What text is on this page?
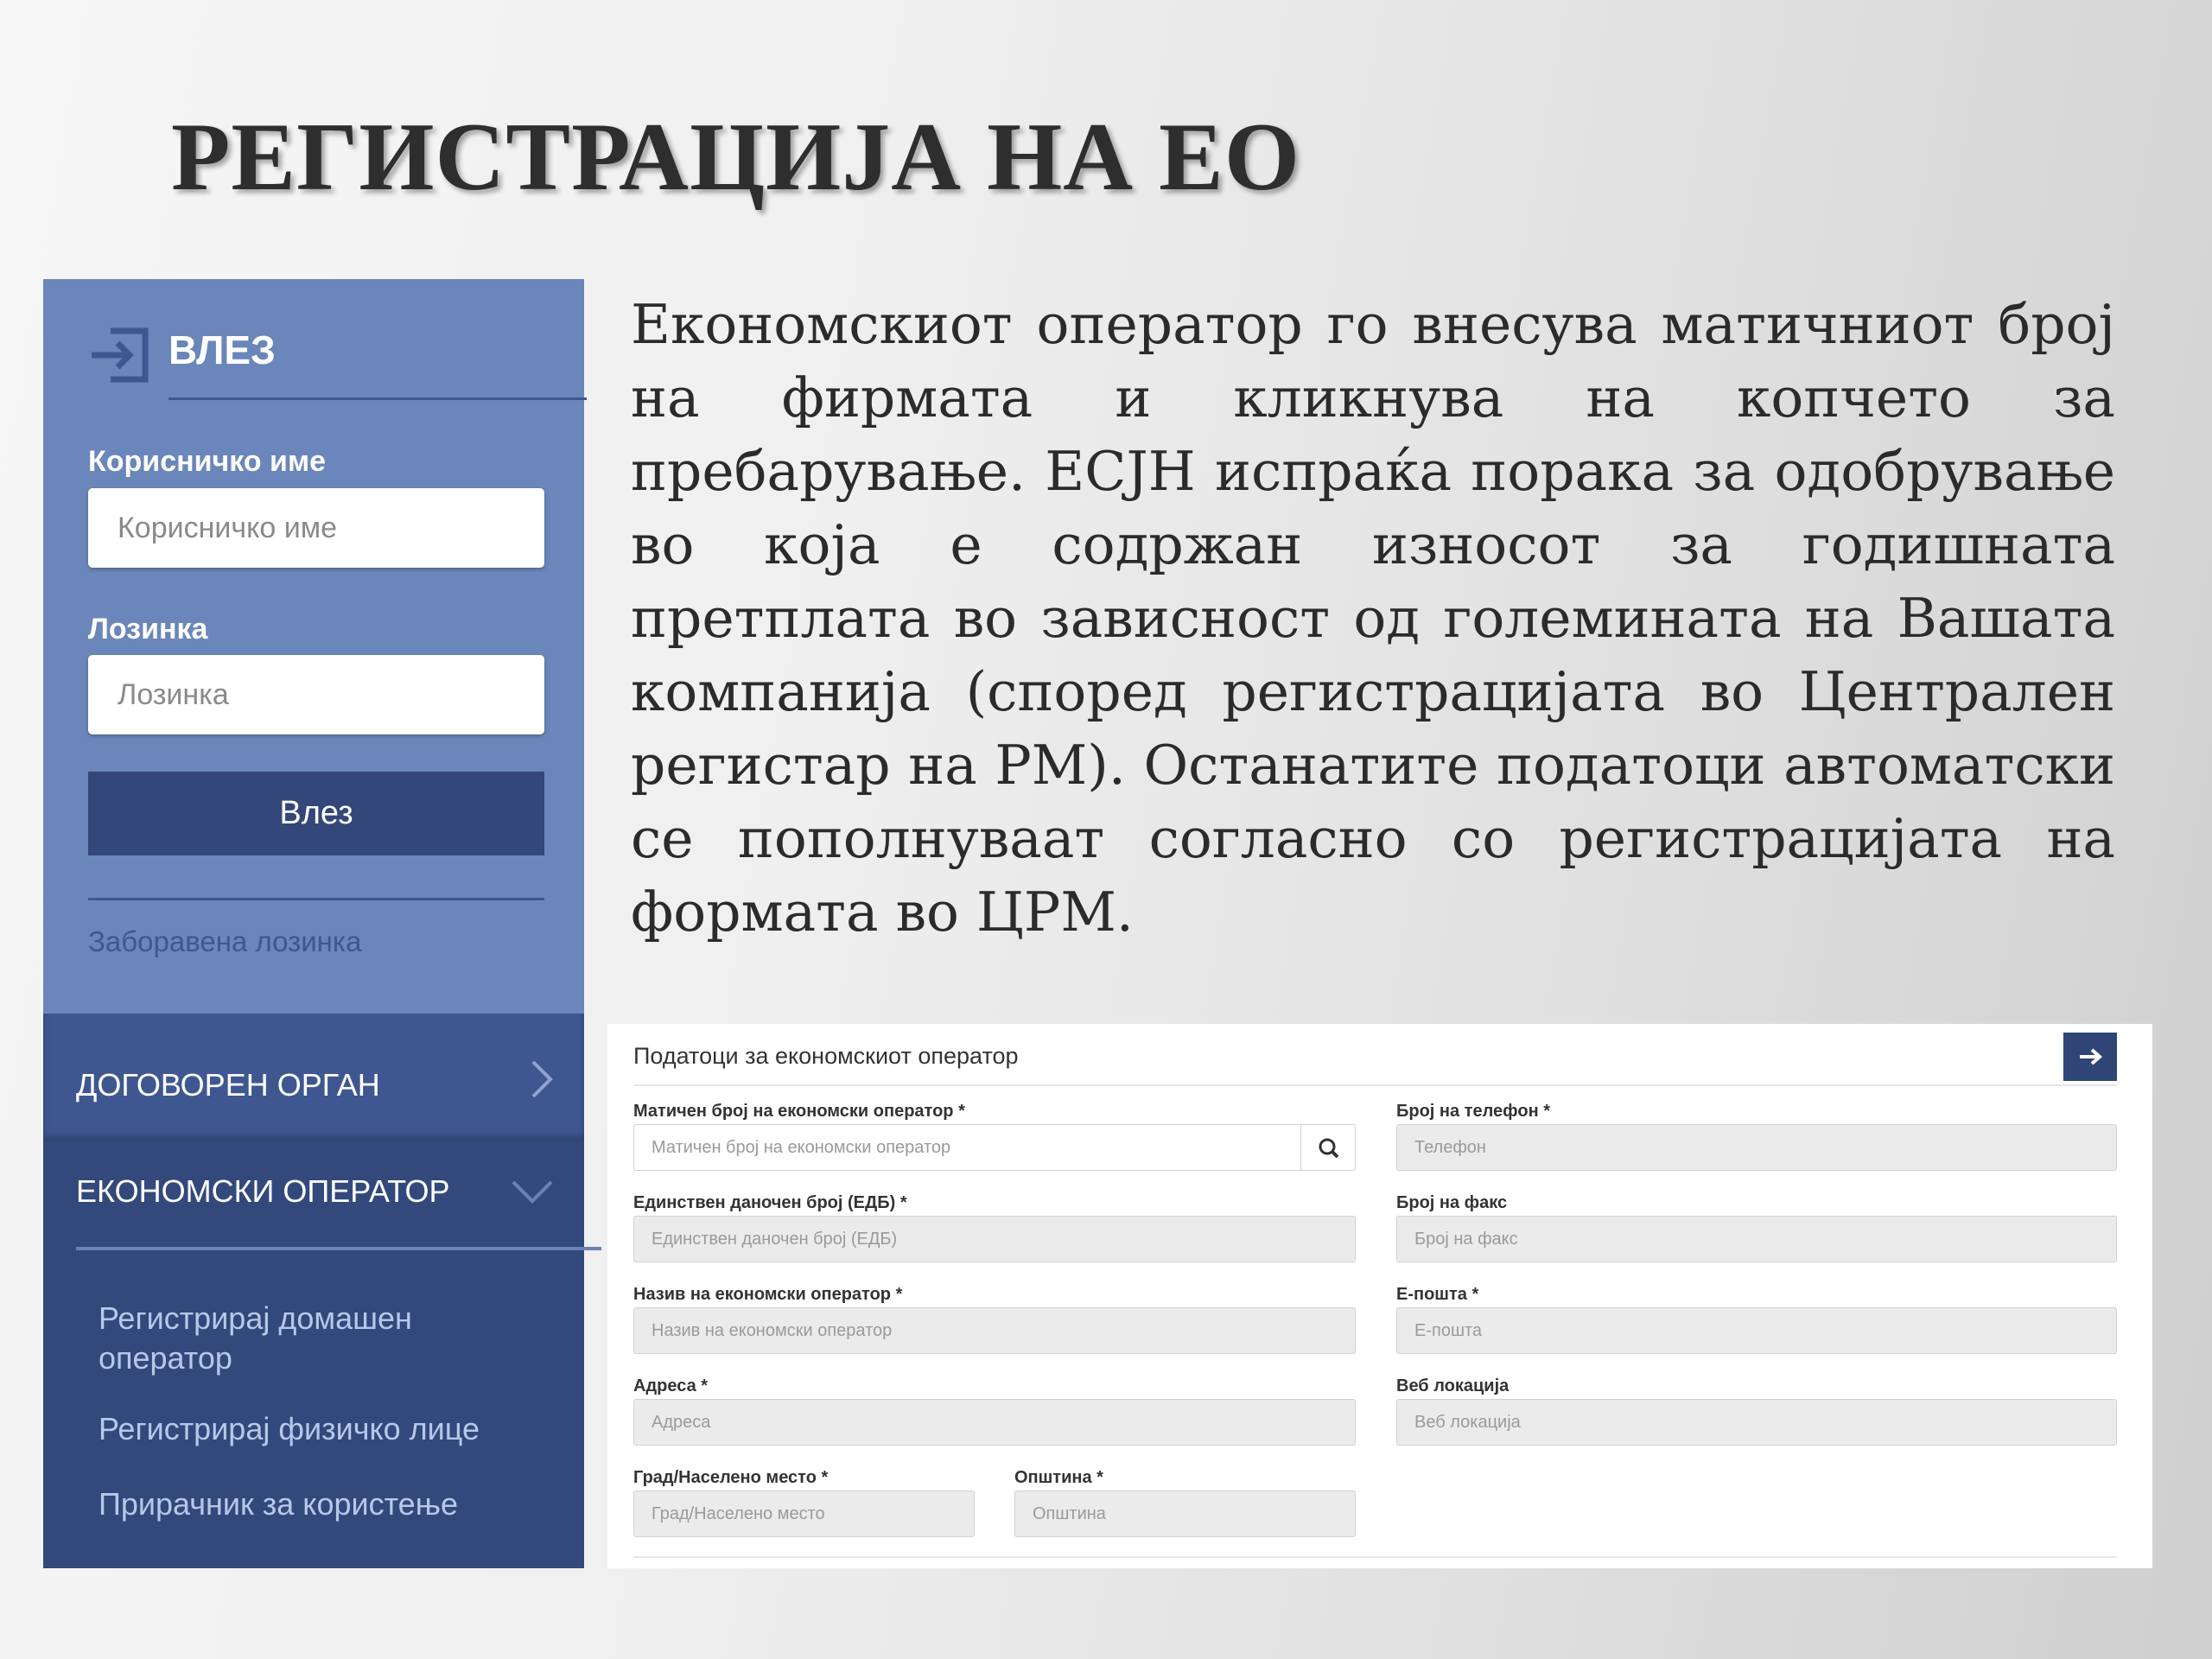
РЕГИСТРАЦИЈА НА ЕО
ВЛЕЗ
Корисничко име
Корисничко име
Лозинка
Влез
Заборавена лозинка
ДОГОВОРЕН ОРГАН
ЕКОНОМСКИ ОПЕРАТОР
Регистрирај домашен оператор
Регистрирај физичко лице
Прирачник за користење

Економскиот оператор го внесува матичниот број на фирмата и кликнува на копчето за пребарување. ЕСЈН испраќа порака за одобрување во која е содржан износот за годишната претплата во зависност од големината на Вашата компанија (според регистрацијата во Централен регистар на РМ). Останатите податоци автоматски се пополнуваат согласно со регистрацијата на формата во ЦРМ.

Податоци за економскиот оператор
Матичен број на економски оператор *
Матичен број на економски оператор
Единствен даночен број (ЕДБ) *
Единствен даночен број (ЕДБ)
Назив на економски оператор *
Назив на економски оператор
Адреса *
Адреса
Град/Населено место *
Град/Населено место	Општина *
Општина
Број на телефон *
Телефон
Број на факс
Број на факс
Е-пошта *
Е-пошта
Веб локација
Веб локација
